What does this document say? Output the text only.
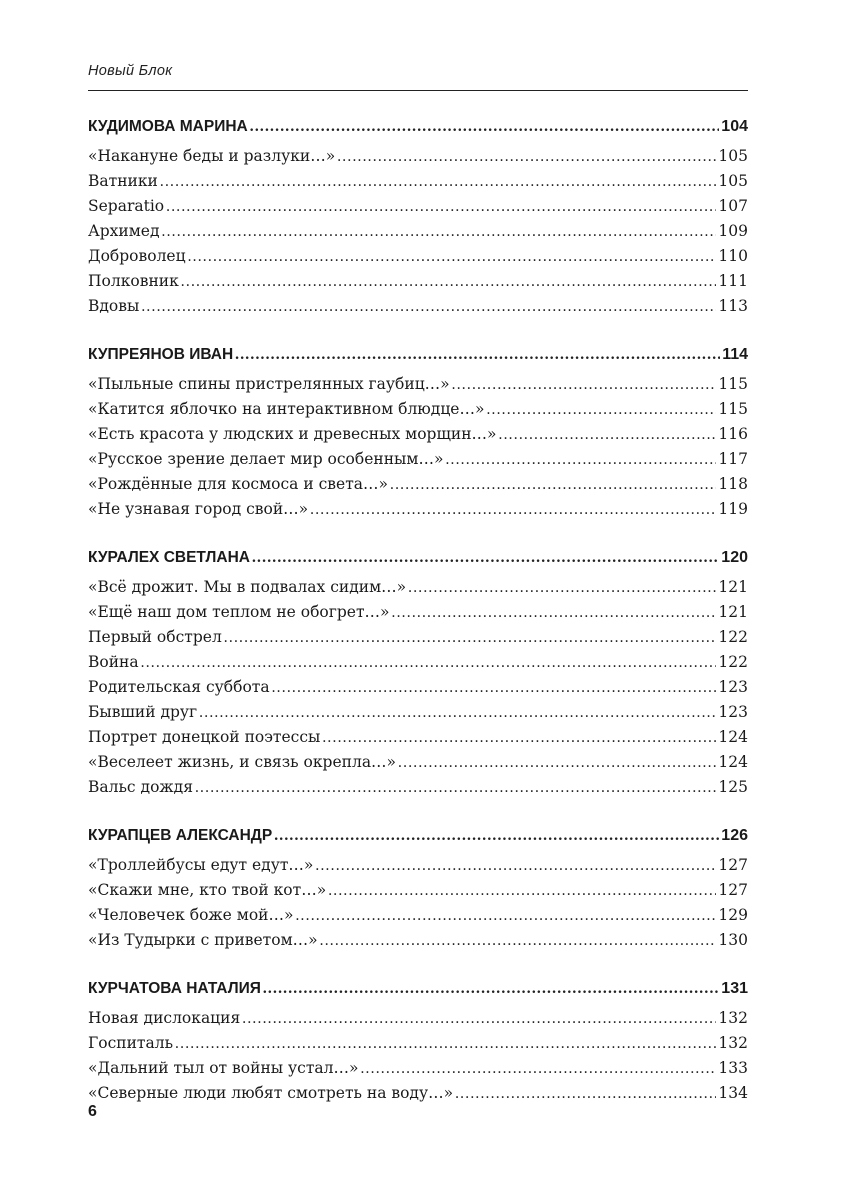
Новый Блок
КУДИМОВА МАРИНА .....	104
«Накануне беды и разлуки…» .....	105
Ватники .....	105
Separatio .....	107
Архимед .....	109
Доброволец .....	110
Полковник .....	111
Вдовы .....	113
КУПРЕЯНОВ ИВАН .....	114
«Пыльные спины пристрелянных гаубиц…» .....	115
«Катится яблочко на интерактивном блюдце…» .....	115
«Есть красота у людских и древесных морщин…» .....	116
«Русское зрение делает мир особенным…» .....	117
«Рождённые для космоса и света…» .....	118
«Не узнавая город свой…» .....	119
КУРАЛЕХ СВЕТЛАНА .....	120
«Всё дрожит. Мы в подвалах сидим…» .....	121
«Ещё наш дом теплом не обогрет…» .....	121
Первый обстрел .....	122
Война .....	122
Родительская суббота .....	123
Бывший друг .....	123
Портрет донецкой поэтессы .....	124
«Веселеет жизнь, и связь окрепла…» .....	124
Вальс дождя .....	125
КУРАПЦЕВ АЛЕКСАНДР .....	126
«Троллейбусы едут едут…» .....	127
«Скажи мне, кто твой кот…» .....	127
«Человечек боже мой…» .....	129
«Из Тудырки с приветом…» .....	130
КУРЧАТОВА НАТАЛИЯ .....	131
Новая дислокация .....	132
Госпиталь .....	132
«Дальний тыл от войны устал…» .....	133
«Северные люди любят смотреть на воду…» .....	134
6
